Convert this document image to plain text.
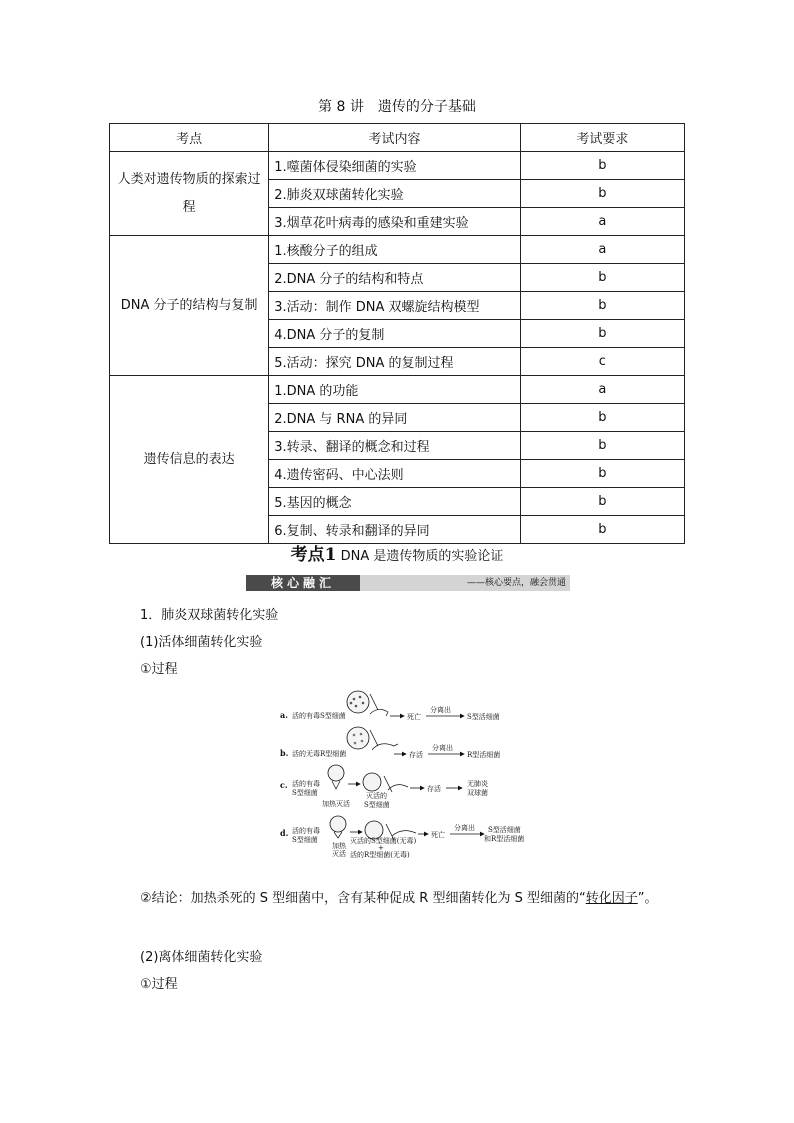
第 8 讲　遗传的分子基础
考点	考试内容	考试要求
人类对遗传物质的探索过程	1.噬菌体侵染细菌的实验	b
	2.肺炎双球菌转化实验	b
	3.烟草花叶病毒的感染和重建实验	a
DNA 分子的结构与复制	1.核酸分子的组成	a
	2.DNA 分子的结构和特点	b
	3.活动：制作 DNA 双螺旋结构模型	b
	4.DNA 分子的复制	b
	5.活动：探究 DNA 的复制过程	c
遗传信息的表达	1.DNA 的功能	a
	2.DNA 与 RNA 的异同	b
	3.转录、翻译的概念和过程	b
	4.遗传密码、中心法则	b
	5.基因的概念	b
	6.复制、转录和翻译的异同	b
考点1 DNA 是遗传物质的实验论证
核心融汇	——核心要点，融会贯通
1．肺炎双球菌转化实验
(1)活体细菌转化实验
①过程
a. 活的有毒S型细菌	死亡
分离出
S型活细菌
b. 活的无毒R型细菌	存活
分离出
R型活细菌
c. 活的有毒
S型细菌
加热灭活
灭活的
S型细菌
存活
无肺炎
双球菌
d. 活的有毒
S型细菌
加热
灭活
灭活的S型细菌(无毒)
+
活的R型细菌(无毒)
死亡
分离出 S型活细菌
和R型活细菌
②结论：加热杀死的 S 型细菌中，含有某种促成 R 型细菌转化为 S 型细菌的“转化因子”。
(2)离体细菌转化实验
①过程
